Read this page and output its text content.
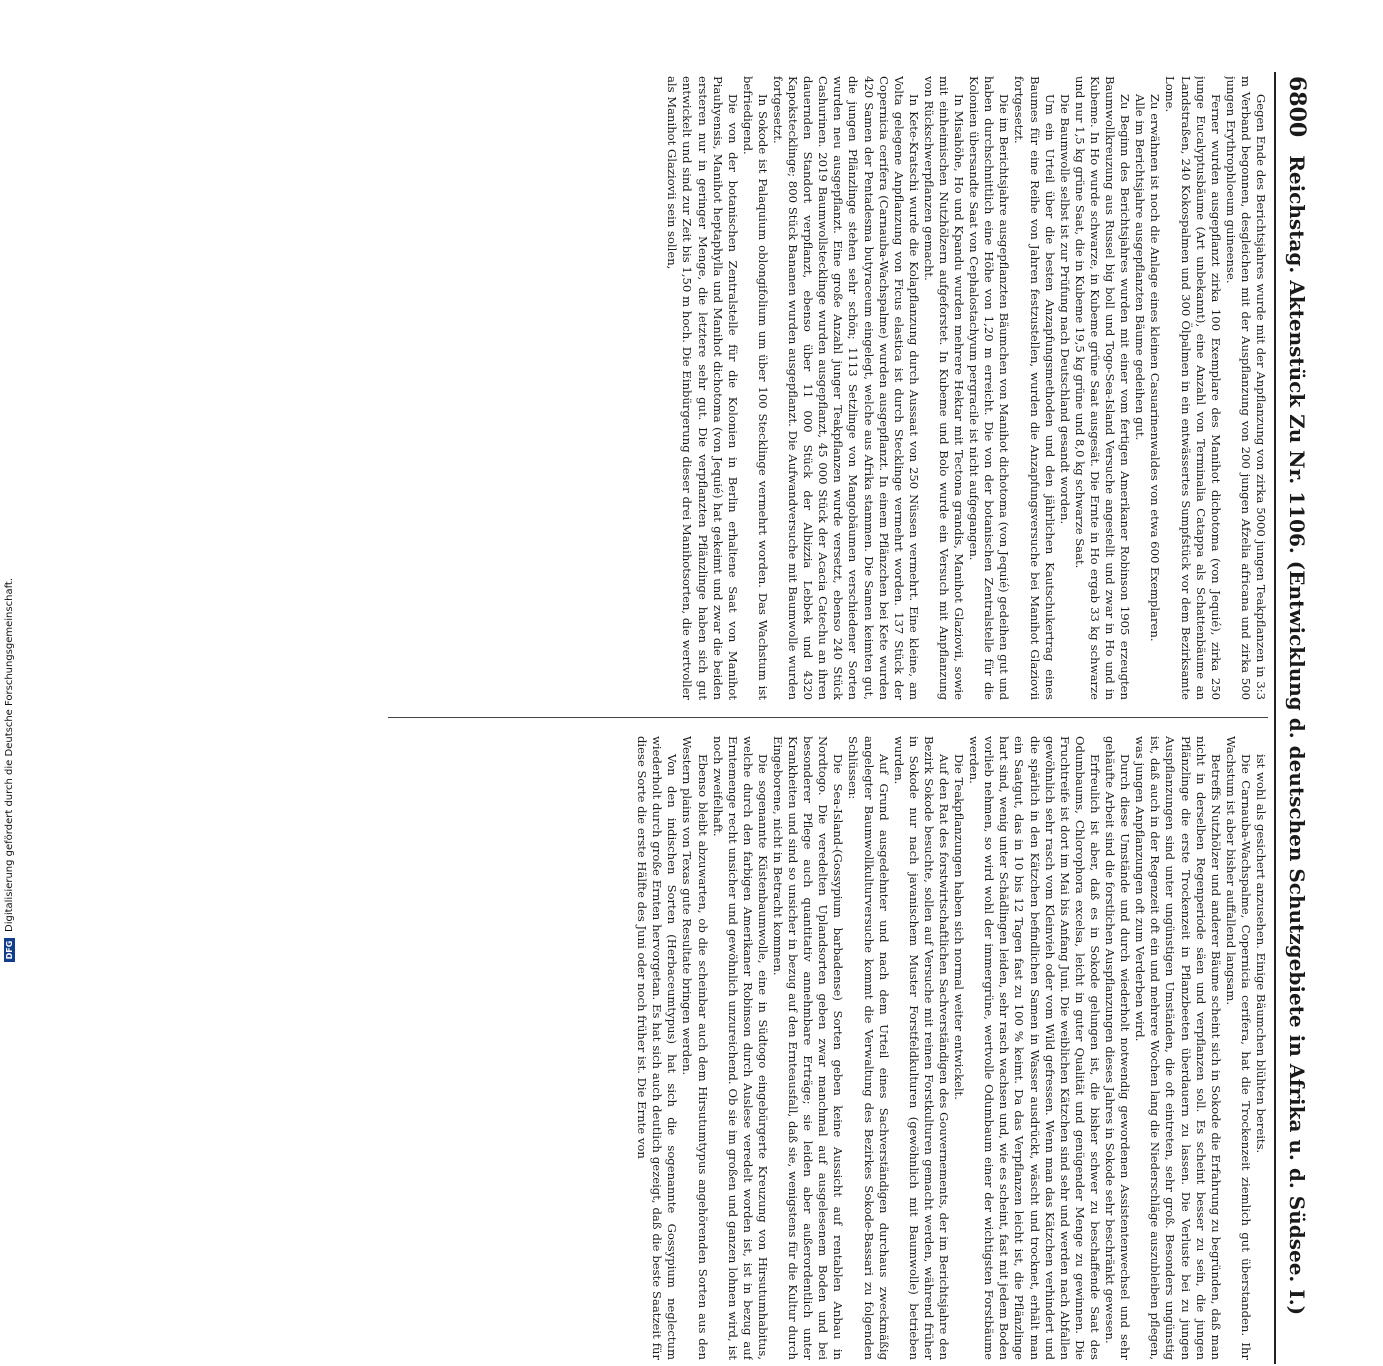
6800
Reichstag. Aktenstück Zu Nr. 1106. (Entwicklung d. deutschen Schutzgebiete in Afrika u. d. Südsee. I.)

Gegen Ende des Berichtsjahres wurde mit der Anpflanzung von zirka 5000 jungen Teakpflanzen in 3:3 m Verband begonnen, desgleichen mit der Auspflanzung von 200 jungen Afzelia africana und zirka 500 jungen Erythrophloeum guineense.

Ferner wurden ausgepflanzt zirka 100 Exemplare des Manihot dichotoma (von Jequié), zirka 250 junge Eucalyptusbäume (Art unbekannt), eine Anzahl von Terminalia Catappa als Schattenbäume an Landstraßen, 240 Kokospalmen und 300 Ölpalmen in ein entwässertes Sumpfstück vor dem Bezirksamte Lome.

Zu erwähnen ist noch die Anlage eines kleinen Casuarinenwaldes von etwa 600 Exemplaren.

Alle im Berichtsjahre ausgepflanzten Bäume gedeihen gut.

Zu Beginn des Berichtsjahres wurden mit einer vom fertigen Amerikaner Robinson 1905 erzeugten Baumwollkreuzung aus Russel big boll und Togo-Sea-Island Versuche angestellt und zwar in Ho und in Kubeme. In Ho wurde schwarze, in Kubeme grüne Saat ausgesät. Die Ernte in Ho ergab 33 kg schwarze und nur 1,5 kg grüne Saat, die in Kubeme 19,5 kg grüne und 8,0 kg schwarze Saat.

Die Baumwolle selbst ist zur Prüfung nach Deutschland gesandt worden.

Um ein Urteil über die besten Anzapfungsmethoden und den jährlichen Kautschukertrag eines Baumes für eine Reihe von Jahren festzustellen, wurden die Anzapfungsversuche bei Manihot Glaziovii fortgesetzt.

Die im Berichtsjahre ausgepflanzten Bäumchen von Manihot dichotoma (von Jequié) gedeihen gut und haben durchschnittlich eine Höhe von 1,20 m erreicht. Die von der botanischen Zentralstelle für die Kolonien übersandte Saat von Cephalostachyum pergracile ist nicht aufgegangen.

In Misahöhe, Ho und Kpandu wurden mehrere Hektar mit Tectona grandis, Manihot Glaziovii, sowie mit einheimischen Nutzhölzern aufgeforstet. In Kubeme und Bolo wurde ein Versuch mit Anpflanzung von Rückschwerpflanzen gemacht.

In Kete-Kratschi wurde die Kolapflanzung durch Aussaat von 250 Nüssen vermehrt. Eine kleine, am Volta gelegene Anpflanzung von Ficus elastica ist durch Stecklinge vermehrt worden. 137 Stück der Copernicia cerifera (Carnauba-Wachspalme) wurden ausgepflanzt. In einem Pflänzchen bei Kete wurden 420 Samen der Pentadesma butyraceum eingelegt, welche aus Afrika stammen. Die Samen keimten gut, die jungen Pflänzlinge stehen sehr schön; 1113 Setzlinge von Mangobäumen verschiedener Sorten wurden neu ausgepflanzt. Eine große Anzahl junger Teakpflanzen wurde versetzt, ebenso 240 Stück Cashurinen. 2019 Baumwollstecklinge wurden ausgepflanzt, 45 000 Stück der Acacia Catechu an ihren dauernden Standort verpflanzt, ebenso über 11 000 Stück der Albizzia Lebbek und 4320 Kapokstecklinge; 800 Stück Bananen wurden ausgepflanzt. Die Aufwandversuche mit Baumwolle wurden fortgesetzt.

In Sokode ist Palaquium oblongifolium um über 100 Stecklinge vermehrt worden. Das Wachstum ist befriedigend.

Die von der botanischen Zentralstelle für die Kolonien in Berlin erhaltene Saat von Manihot Piauhyensis, Manihot heptaphylla und Manihot dichotoma (von Jequié) hat gekeimt und zwar die beiden ersteren nur in geringer Menge, die letztere sehr gut. Die verpflanzten Pflänzlinge haben sich gut entwickelt und sind zur Zeit bis 1,50 m hoch. Die Einbürgerung dieser drei Manihotsorten, die wertvoller als Manihot Glaziovii sein sollen,

ist wohl als gesichert anzusehen. Einige Bäumchen blühten bereits.

Die Carnauba-Wachspalme, Copernicia cerifera, hat die Trockenzeit ziemlich gut überstanden. Ihr Wachstum ist aber bisher auffallend langsam.

Betreffs Nutzhölzer und anderer Bäume scheint sich in Sokode die Erfahrung zu begründen, daß man nicht in derselben Regenperiode säen und verpflanzen soll. Es scheint besser zu sein, die jungen Pflänzlinge die erste Trockenzeit in Pflanzbeeten überdauern zu lassen. Die Verluste bei zu jungen Auspflanzungen sind unter ungünstigen Umständen, die oft eintreten, sehr groß. Besonders ungünstig ist, daß auch in der Regenzeit oft ein und mehrere Wochen lang die Niederschläge auszubleiben pflegen, was jungen Anpflanzungen oft zum Verderben wird.

Durch diese Umstände und durch wiederholt notwendig gewordenen Assistentenwechsel und sehr gehäufte Arbeit sind die forstlichen Auspflanzungen dieses Jahres in Sokode sehr beschränkt gewesen.

Erfreulich ist aber, daß es in Sokode gelungen ist, die bisher schwer zu beschaffende Saat des Odumbaums, Chlorophora excelsa, leicht in guter Qualität und genügender Menge zu gewinnen. Die Fruchtreife ist dort im Mai bis Anfang Juni. Die weiblichen Kätzchen sind sehr und werden nach Abfallen gewöhnlich sehr rasch vom Kleinvieh oder vom Wild gefressen. Wenn man das Kätzchen verhindert und die spärlich in den Kätzchen befindlichen Samen in Wasser ausdrückt, wäscht und trocknet, erhält man ein Saatgut, das in 10 bis 12 Tagen fast zu 100 % keimt. Da das Verpflanzen leicht ist, die Pflänzlinge hart sind, wenig unter Schädlingen leiden, sehr rasch wachsen und, wie es scheint, fast mit jedem Boden vorlieb nehmen, so wird wohl der immergrüne, wertvolle Odumbaum einer der wichtigsten Forstbäume werden.

Die Teakpflanzungen haben sich normal weiter entwickelt.

Auf den Rat des forstwirtschaftlichen Sachverständigen des Gouvernements, der im Berichtsjahre den Bezirk Sokode besuchte, sollen auf Versuche mit reinen Forstkulturen gemacht werden, während früher in Sokode nur nach javanischem Muster Forstfeldkulturen (gewöhnlich mit Baumwolle) betrieben wurden.

Auf Grund ausgedehnter und nach dem Urteil eines Sachverständigen durchaus zweckmäßig angelegter Baumwollkulturversuche kommt die Verwaltung des Bezirkes Sokode-Bassari zu folgenden Schlüssen:

Die Sea-Island-(Gossypium barbadense) Sorten geben keine Aussicht auf rentablen Anbau in Nordtogo. Die veredelten Uplandsorten geben zwar manchmal auf ausgelesenem Boden und bei besonderer Pflege auch quantitativ annehmbare Erträge; sie leiden aber außerordentlich unter Krankheiten und sind so unsicher in bezug auf den Ernteausfall, daß sie, wenigstens für die Kultur durch Eingeborene, nicht in Betracht kommen.

Die sogenannte Küstenbaumwolle, eine in Südtogo eingebürgerte Kreuzung von Hirsutumhabitus, welche durch den farbigen Amerikaner Robinson durch Auslese veredelt worden ist, ist in bezug auf Erntemenge recht unsicher und gewöhnlich unzureichend. Ob sie im großen und ganzen lohnen wird, ist noch zweifelhaft.

Ebenso bleibt abzuwarten, ob die scheinbar auch dem Hirsutumtypus angehörenden Sorten aus den Western plains von Texas gute Resultate bringen werden.

Von den indischen Sorten (Herbaceumtypus) hat sich die sogenannte Gossypium neglectum wiederholt durch große Ernten hervorgetan. Es hat sich auch deutlich gezeigt, daß die beste Saatzeit für diese Sorte die erste Hälfte des Juni oder noch früher ist. Die Ernte von

DFG
Digitalisierung gefördert durch die Deutsche Forschungsgemeinschaft.
